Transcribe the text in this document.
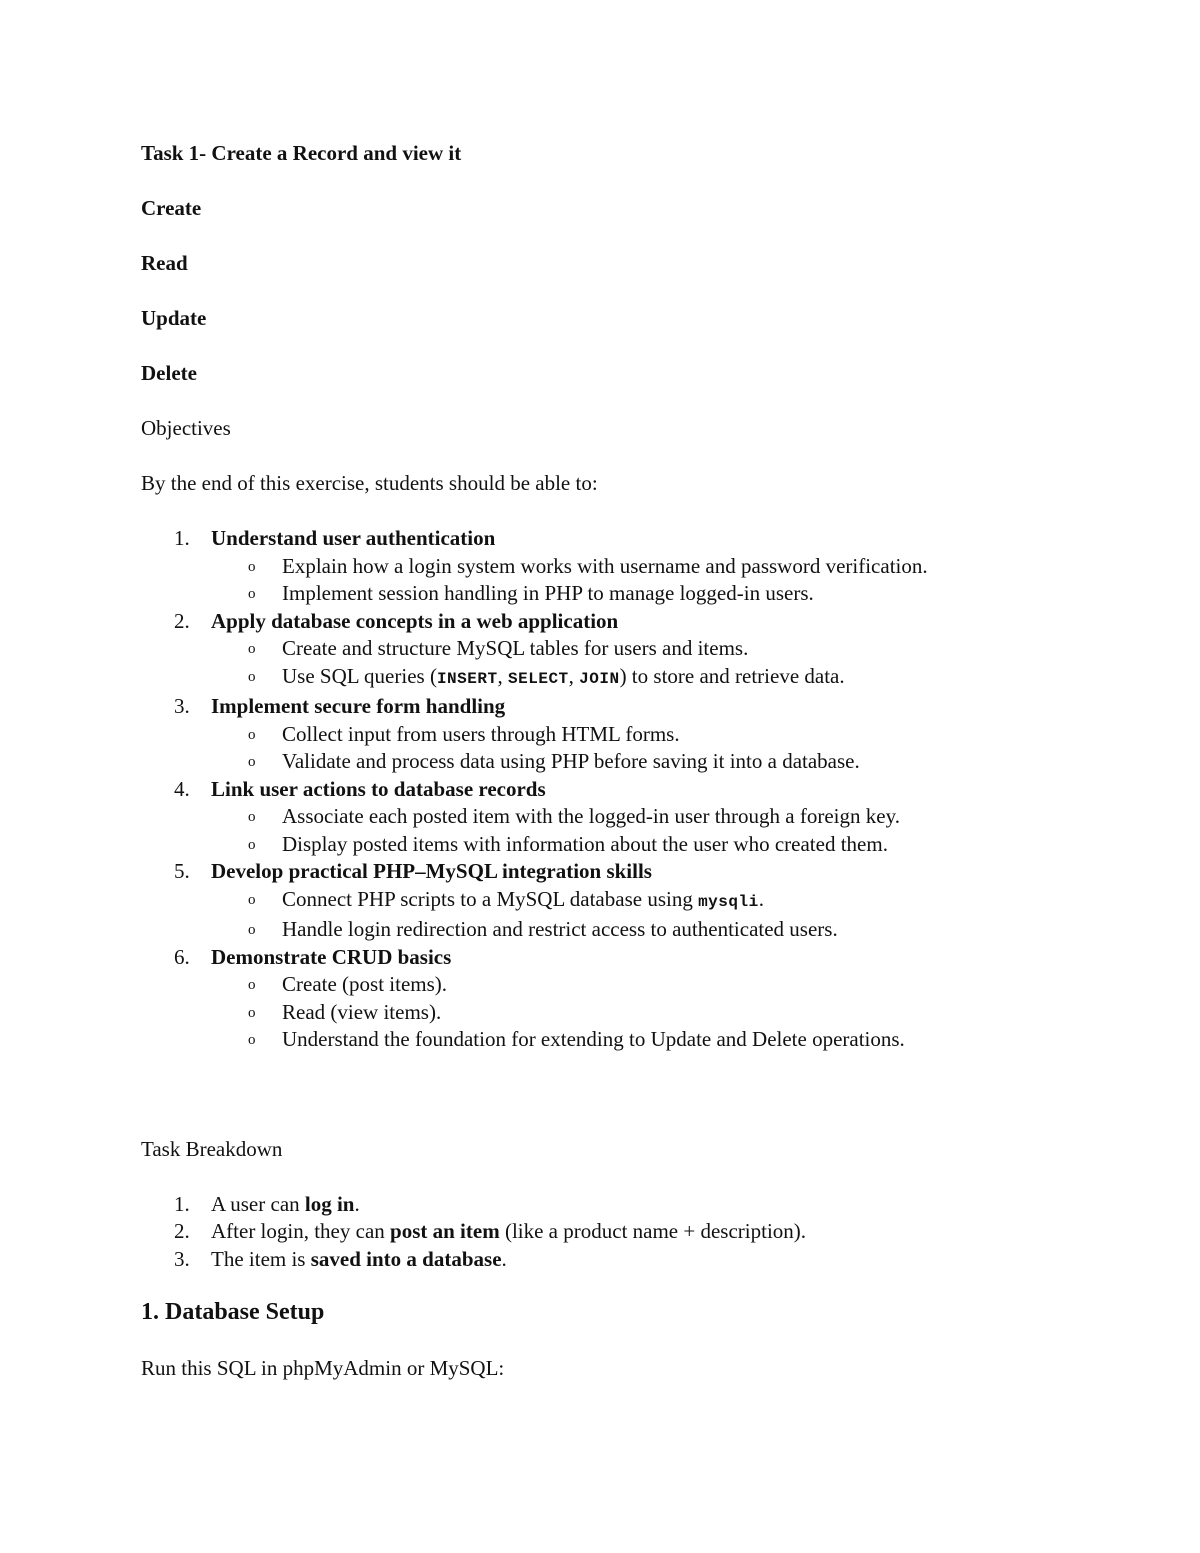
Task 1- Create a Record and view it

Create

Read

Update

Delete

Objectives

By the end of this exercise, students should be able to:

1.	Understand user authentication
o Explain how a login system works with username and password verification.
o Implement session handling in PHP to manage logged-in users.
2.	Apply database concepts in a web application
o Create and structure MySQL tables for users and items.
o Use SQL queries (INSERT, SELECT, JOIN) to store and retrieve data.
3.	Implement secure form handling
o Collect input from users through HTML forms.
o Validate and process data using PHP before saving it into a database.
4.	Link user actions to database records
o Associate each posted item with the logged-in user through a foreign key.
o Display posted items with information about the user who created them.
5.	Develop practical PHP–MySQL integration skills
o Connect PHP scripts to a MySQL database using mysqli.
o Handle login redirection and restrict access to authenticated users.
6.	Demonstrate CRUD basics
o Create (post items).
o Read (view items).
o Understand the foundation for extending to Update and Delete operations.

Task Breakdown

1.	A user can log in.
2.	After login, they can post an item (like a product name + description).
3.	The item is saved into a database.

1. Database Setup

Run this SQL in phpMyAdmin or MySQL:
